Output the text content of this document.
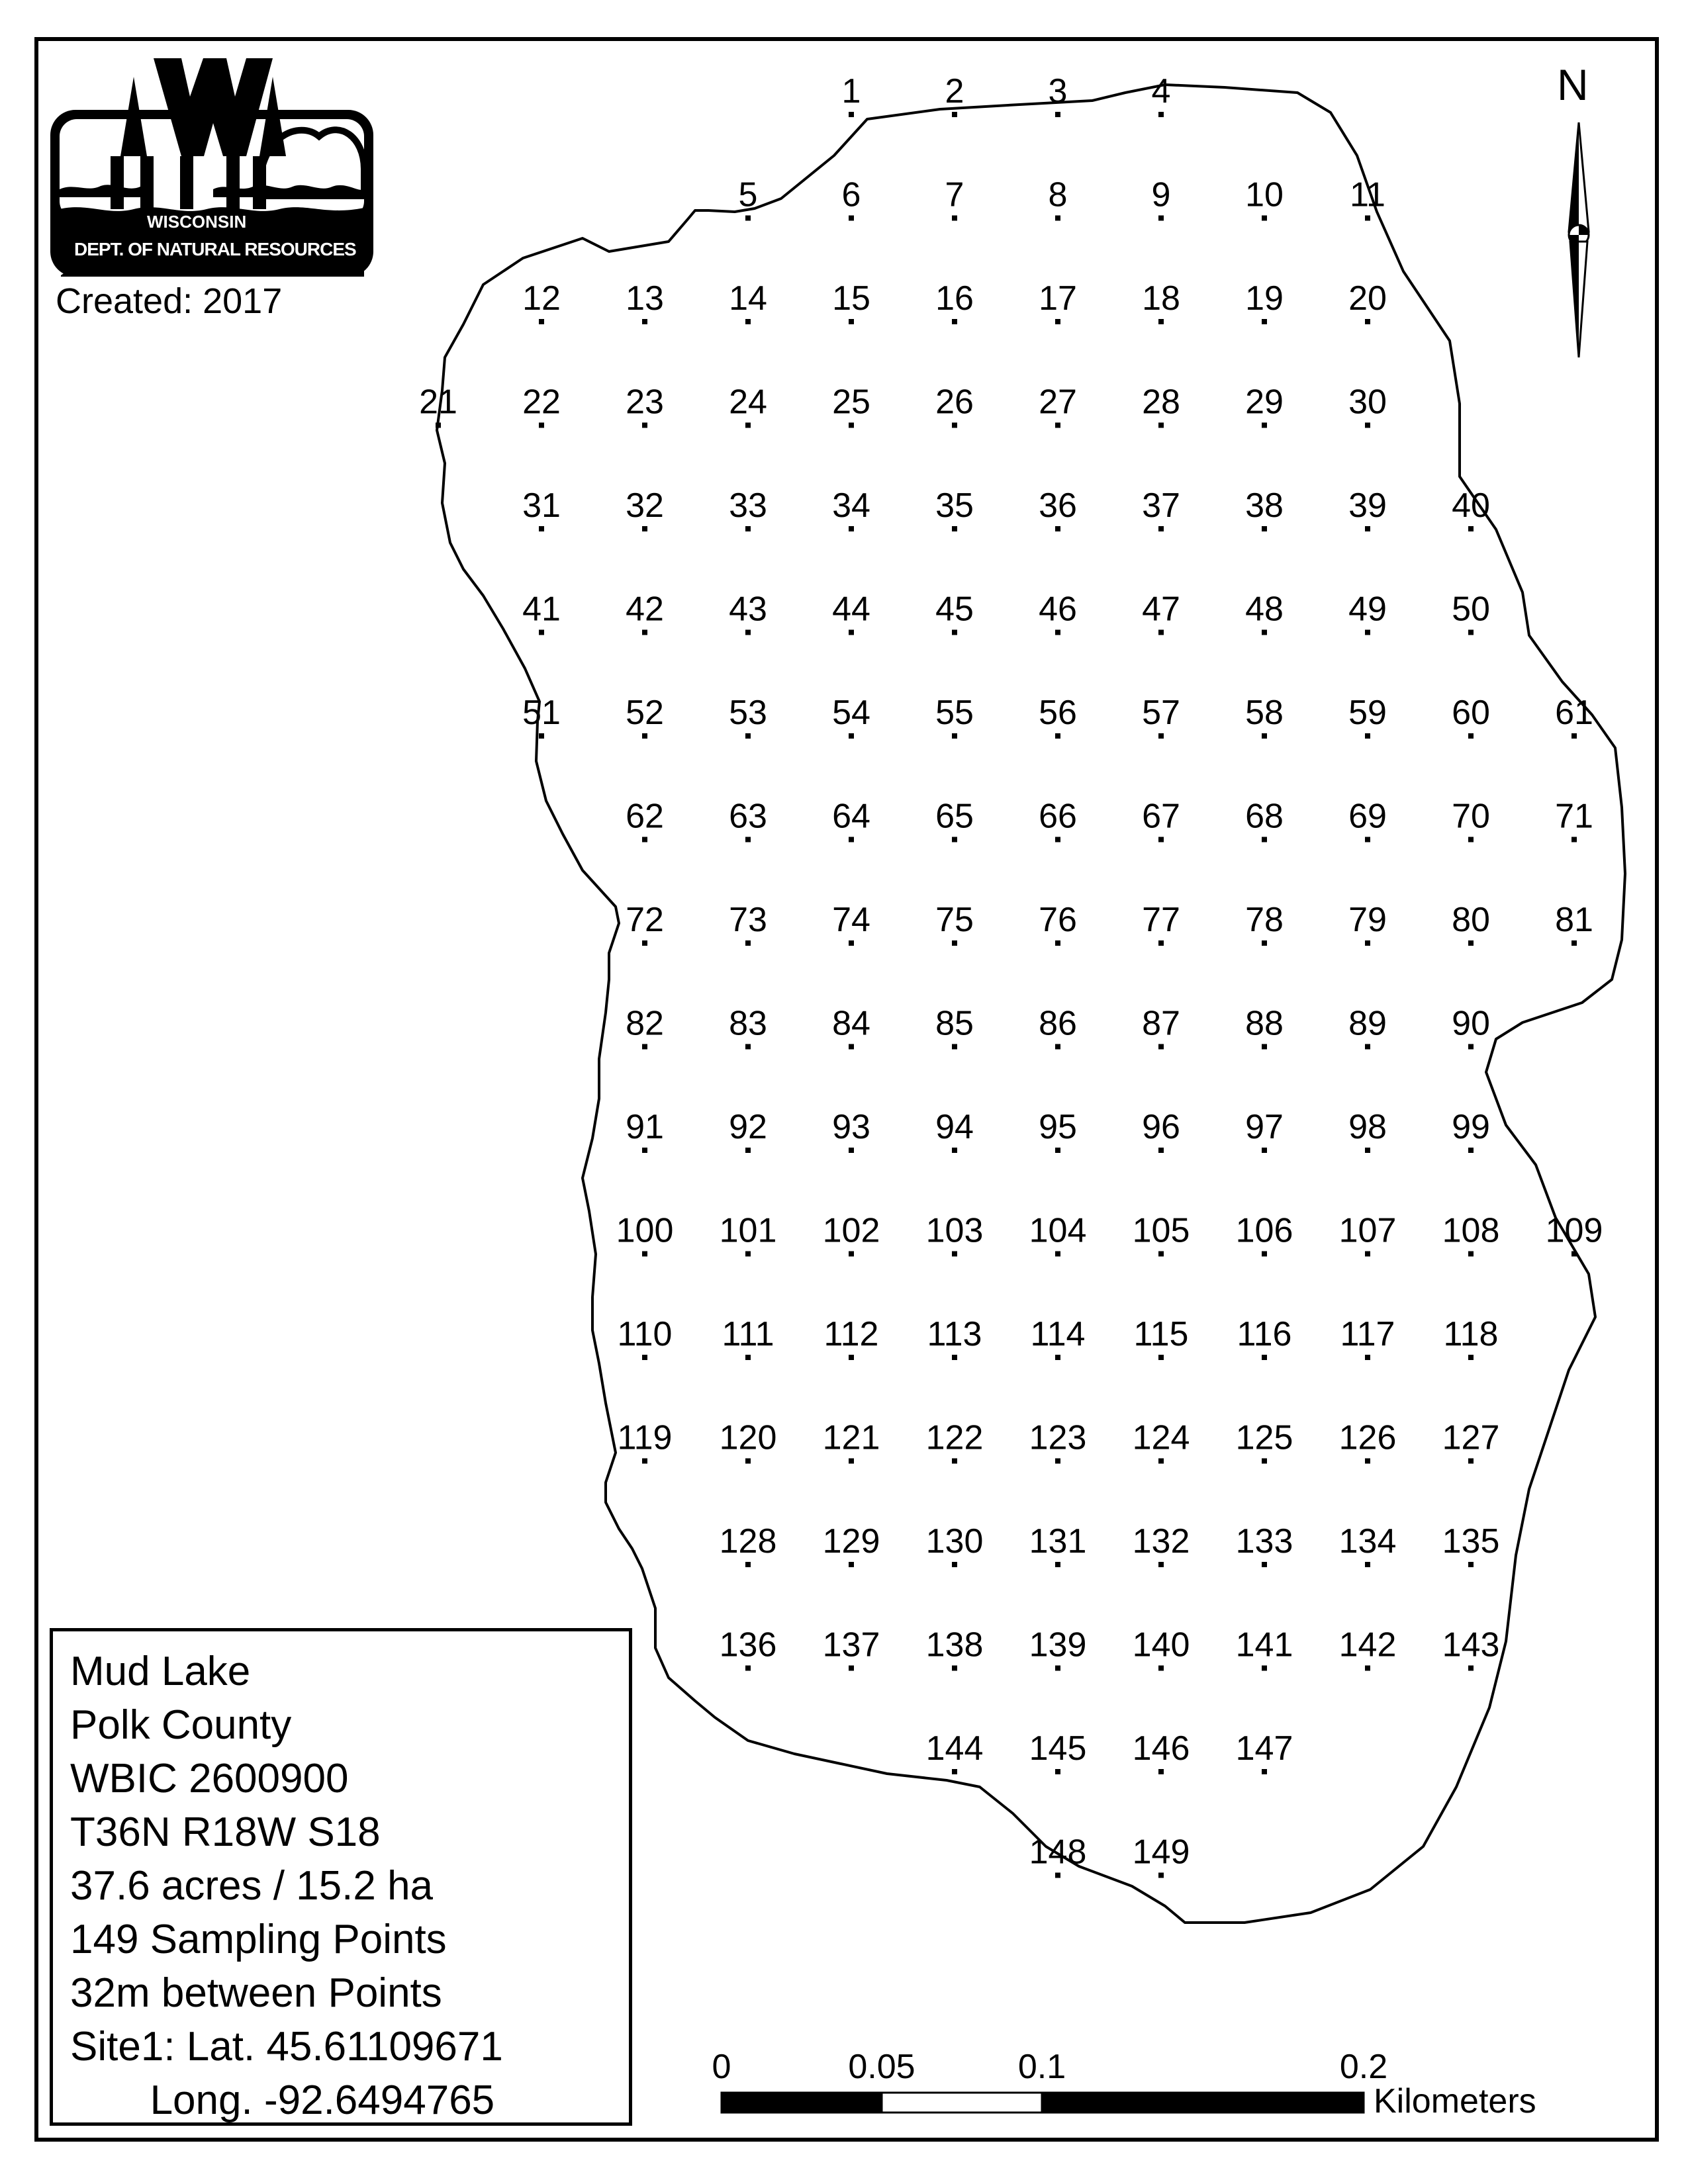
1 2 3 4
5 6 7 8 9 10 11
12 13 14 15 16 17 18 19 20
21 22 23 24 25 26 27 28 29 30
31 32 33 34 35 36 37 38 39 40
41 42 43 44 45 46 47 48 49 50
51 52 53 54 55 56 57 58 59 60 61
62 63 64 65 66 67 68 69 70 71
72 73 74 75 76 77 78 79 80 81
82 83 84 85 86 87 88 89 90
91 92 93 94 95 96 97 98 99
100 101 102 103 104 105 106 107 108 109
110 111 112 113 114 115 116 117 118
119 120 121 122 123 124 125 126 127
128 129 130 131 132 133 134 135
136 137 138 139 140 141 142 143
144 145 146 147
148 149
0	0.05	0.1	0.2
Kilometers
N
WISCONSIN
DEPT. OF NATURAL RESOURCES
Created: 2017
Mud Lake
Polk County
WBIC 2600900
T36N R18W S18
37.6 acres / 15.2 ha
149 Sampling Points
32m between Points
Site1: Lat. 45.61109671
Long. -92.6494765
